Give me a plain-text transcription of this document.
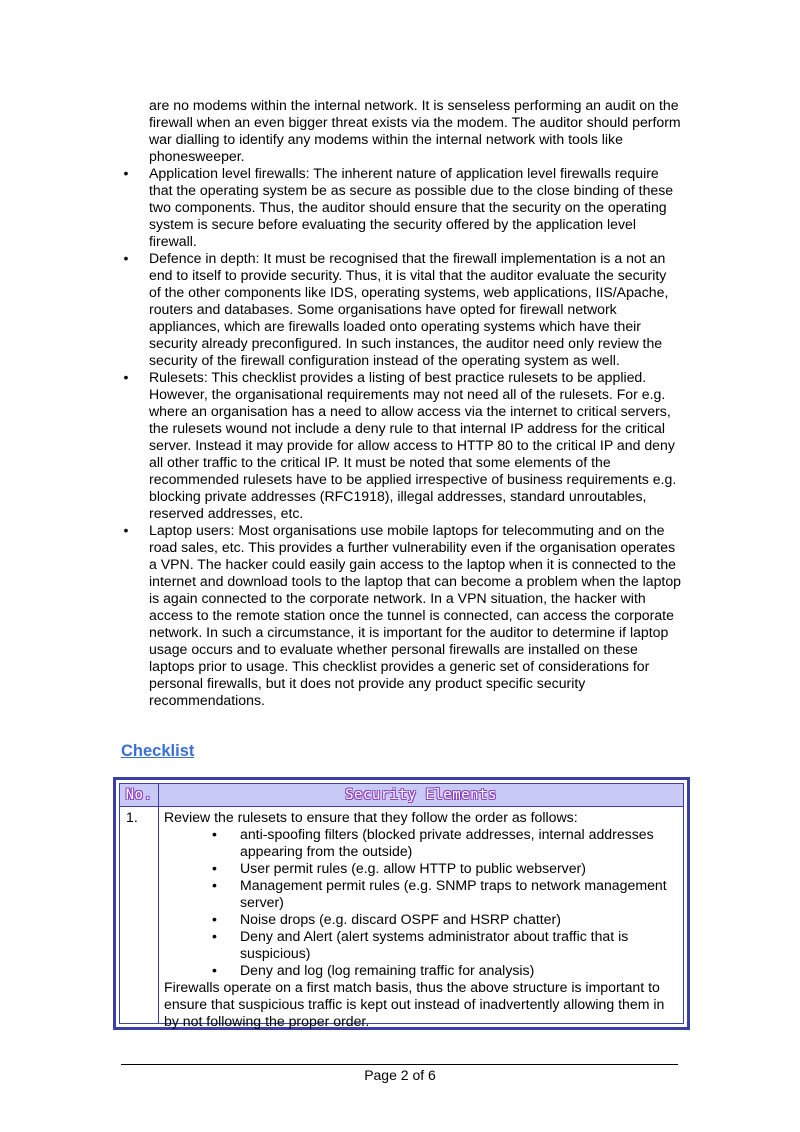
are no modems within the internal network. It is senseless performing an audit on the firewall when an even bigger threat exists via the modem. The auditor should perform war dialling to identify any modems within the internal network with tools like phonesweeper.
• Application level firewalls: The inherent nature of application level firewalls require that the operating system be as secure as possible due to the close binding of these two components. Thus, the auditor should ensure that the security on the operating system is secure before evaluating the security offered by the application level firewall.
• Defence in depth: It must be recognised that the firewall implementation is a not an end to itself to provide security. Thus, it is vital that the auditor evaluate the security of the other components like IDS, operating systems, web applications, IIS/Apache, routers and databases. Some organisations have opted for firewall network appliances, which are firewalls loaded onto operating systems which have their security already preconfigured. In such instances, the auditor need only review the security of the firewall configuration instead of the operating system as well.
• Rulesets: This checklist provides a listing of best practice rulesets to be applied. However, the organisational requirements may not need all of the rulesets. For e.g. where an organisation has a need to allow access via the internet to critical servers, the rulesets wound not include a deny rule to that internal IP address for the critical server. Instead it may provide for allow access to HTTP 80 to the critical IP and deny all other traffic to the critical IP. It must be noted that some elements of the recommended rulesets have to be applied irrespective of business requirements e.g. blocking private addresses (RFC1918), illegal addresses, standard unroutables, reserved addresses, etc.
• Laptop users: Most organisations use mobile laptops for telecommuting and on the road sales, etc. This provides a further vulnerability even if the organisation operates a VPN. The hacker could easily gain access to the laptop when it is connected to the internet and download tools to the laptop that can become a problem when the laptop is again connected to the corporate network. In a VPN situation, the hacker with access to the remote station once the tunnel is connected, can access the corporate network. In such a circumstance, it is important for the auditor to determine if laptop usage occurs and to evaluate whether personal firewalls are installed on these laptops prior to usage. This checklist provides a generic set of considerations for personal firewalls, but it does not provide any product specific security recommendations.
Checklist
No.	Security Elements
1. Review the rulesets to ensure that they follow the order as follows:
• anti-spoofing filters (blocked private addresses, internal addresses appearing from the outside)
• User permit rules (e.g. allow HTTP to public webserver)
• Management permit rules (e.g. SNMP traps to network management server)
• Noise drops (e.g. discard OSPF and HSRP chatter)
• Deny and Alert (alert systems administrator about traffic that is suspicious)
• Deny and log (log remaining traffic for analysis)
Firewalls operate on a first match basis, thus the above structure is important to ensure that suspicious traffic is kept out instead of inadvertently allowing them in by not following the proper order.
Page 2 of 6
